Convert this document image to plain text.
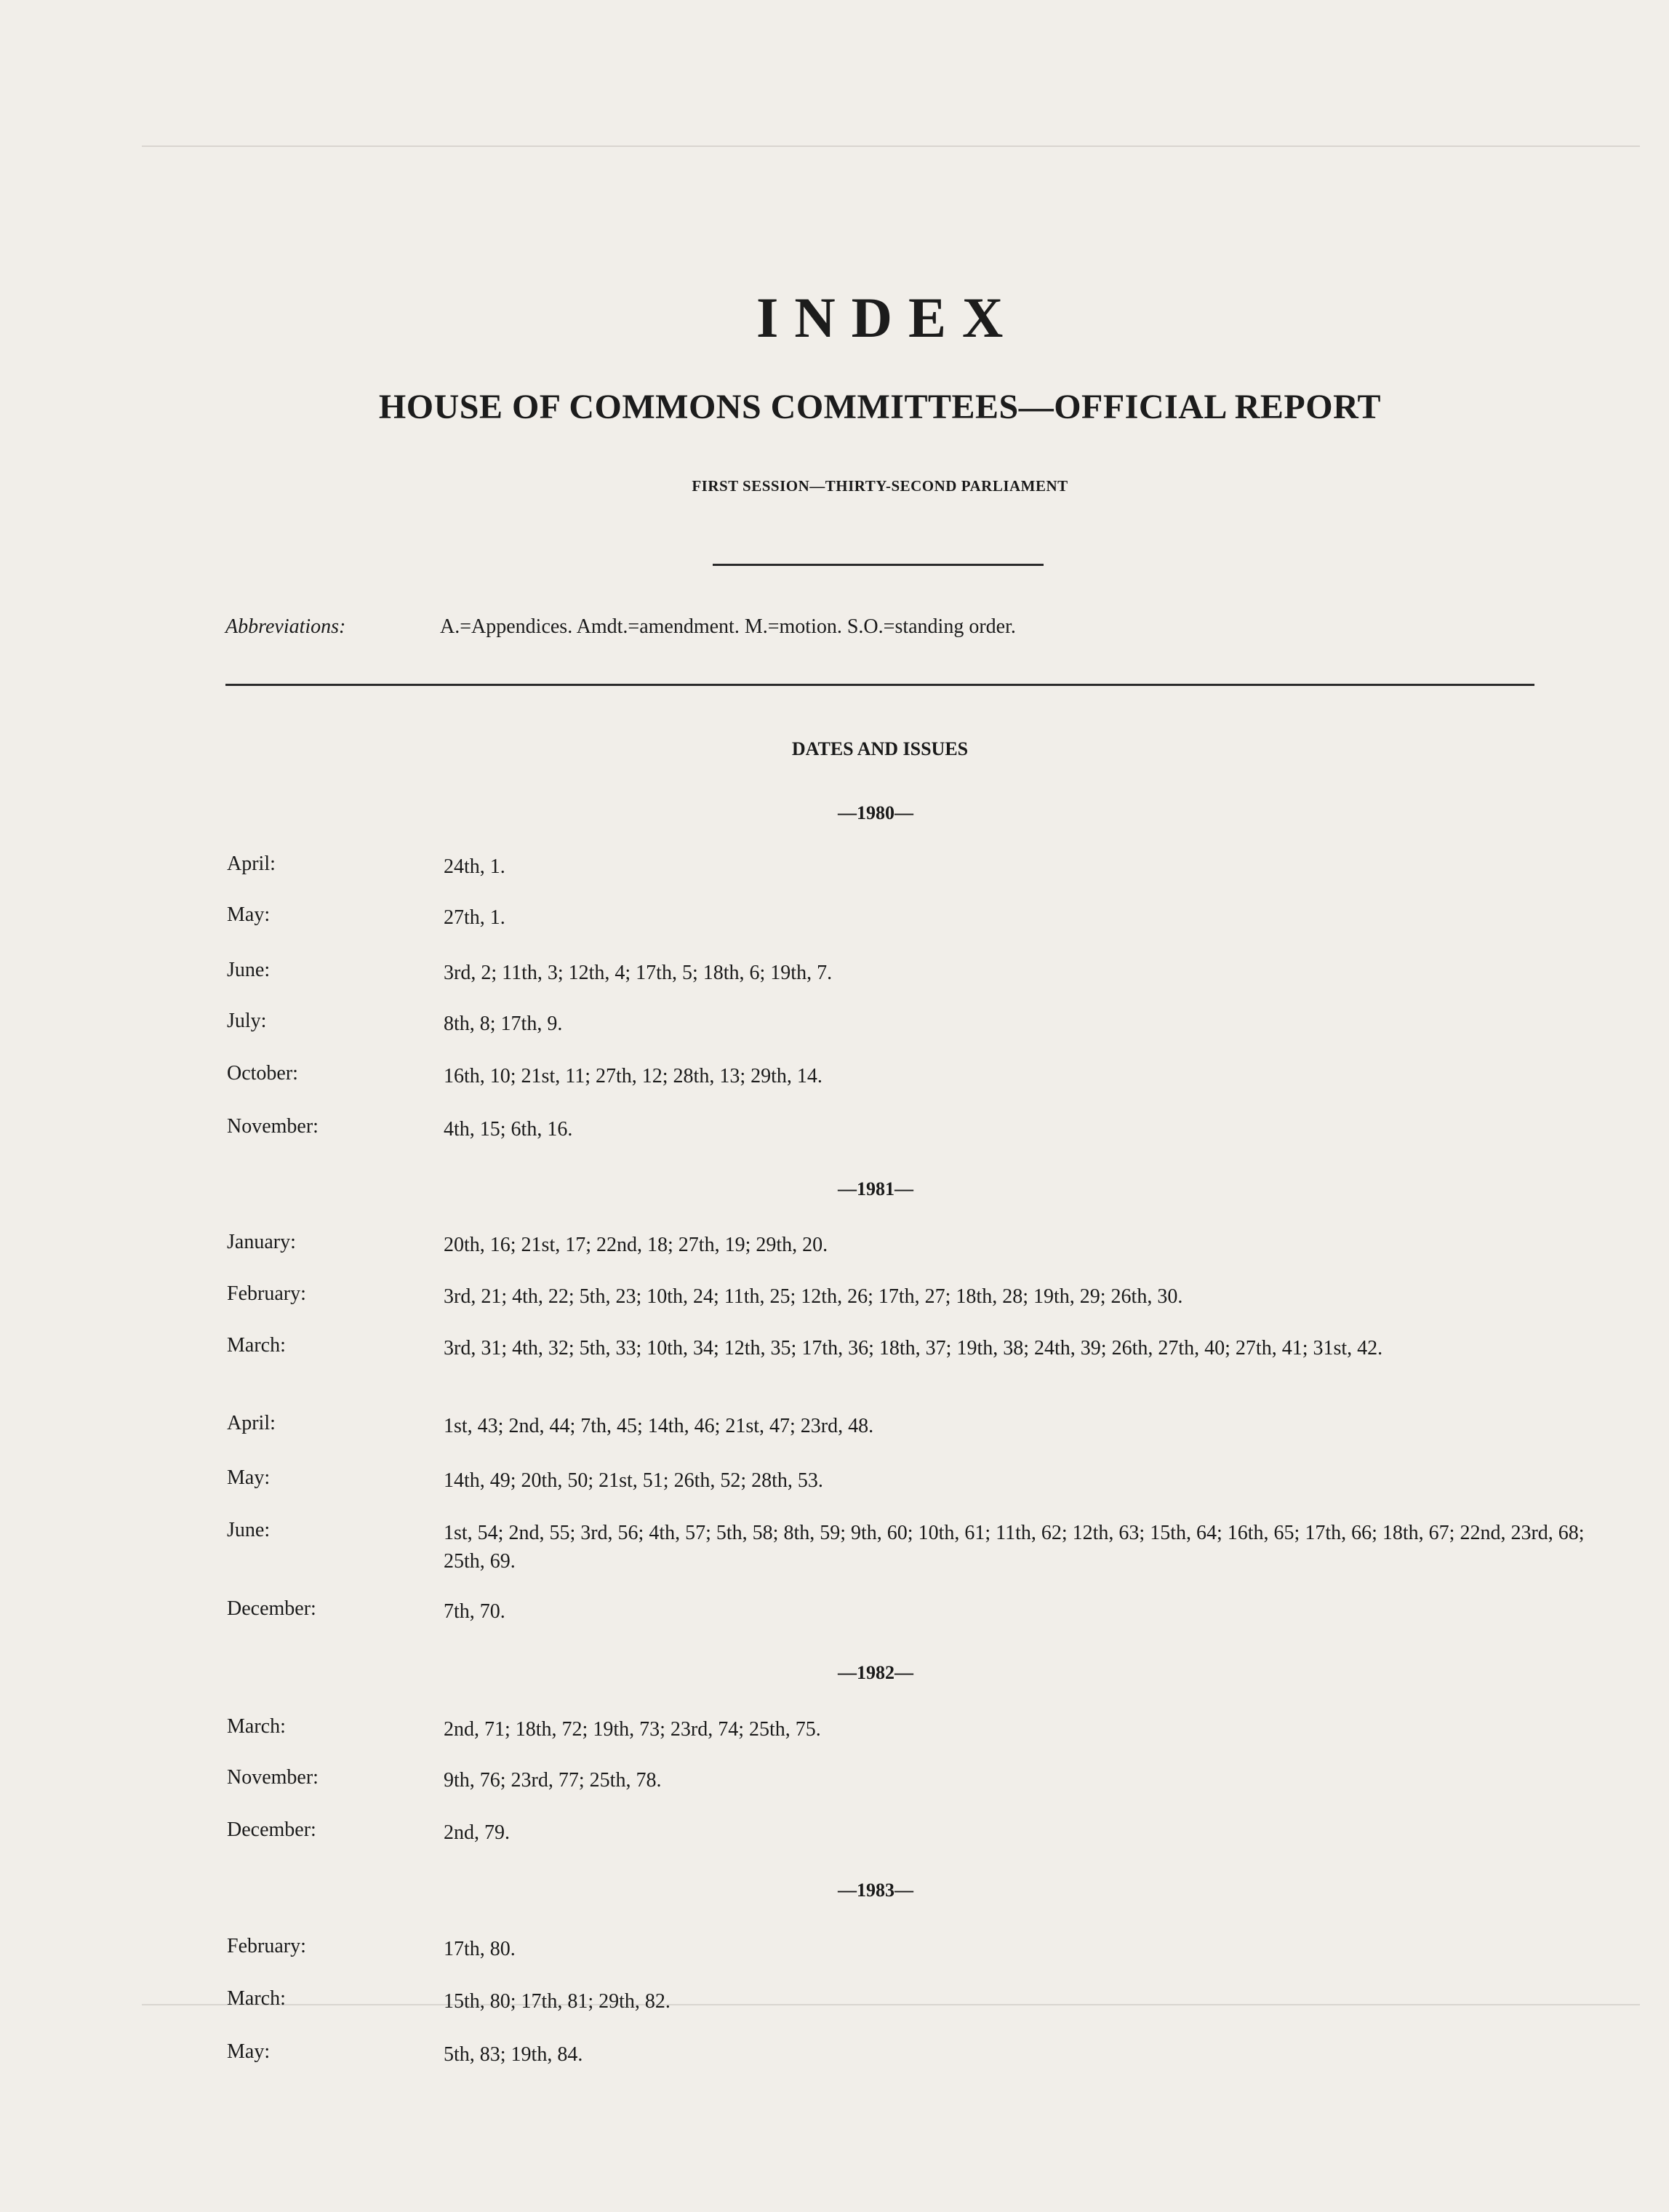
INDEX
HOUSE OF COMMONS COMMITTEES—OFFICIAL REPORT
FIRST SESSION—THIRTY-SECOND PARLIAMENT
Abbreviations:	A.=Appendices. Amdt.=amendment. M.=motion. S.O.=standing order.
DATES AND ISSUES
—1980—
April:	24th, 1.
May:	27th, 1.
June:	3rd, 2; 11th, 3; 12th, 4; 17th, 5; 18th, 6; 19th, 7.
July:	8th, 8; 17th, 9.
October:	16th, 10; 21st, 11; 27th, 12; 28th, 13; 29th, 14.
November:	4th, 15; 6th, 16.
—1981—
January:	20th, 16; 21st, 17; 22nd, 18; 27th, 19; 29th, 20.
February:	3rd, 21; 4th, 22; 5th, 23; 10th, 24; 11th, 25; 12th, 26; 17th, 27; 18th, 28; 19th, 29; 26th, 30.
March:	3rd, 31; 4th, 32; 5th, 33; 10th, 34; 12th, 35; 17th, 36; 18th, 37; 19th, 38; 24th, 39; 26th, 27th, 40; 27th, 41; 31st, 42.
April:	1st, 43; 2nd, 44; 7th, 45; 14th, 46; 21st, 47; 23rd, 48.
May:	14th, 49; 20th, 50; 21st, 51; 26th, 52; 28th, 53.
June:	1st, 54; 2nd, 55; 3rd, 56; 4th, 57; 5th, 58; 8th, 59; 9th, 60; 10th, 61; 11th, 62; 12th, 63; 15th, 64; 16th, 65; 17th, 66; 18th, 67; 22nd, 23rd, 68; 25th, 69.
December:	7th, 70.
—1982—
March:	2nd, 71; 18th, 72; 19th, 73; 23rd, 74; 25th, 75.
November:	9th, 76; 23rd, 77; 25th, 78.
December:	2nd, 79.
—1983—
February:	17th, 80.
March:	15th, 80; 17th, 81; 29th, 82.
May:	5th, 83; 19th, 84.
